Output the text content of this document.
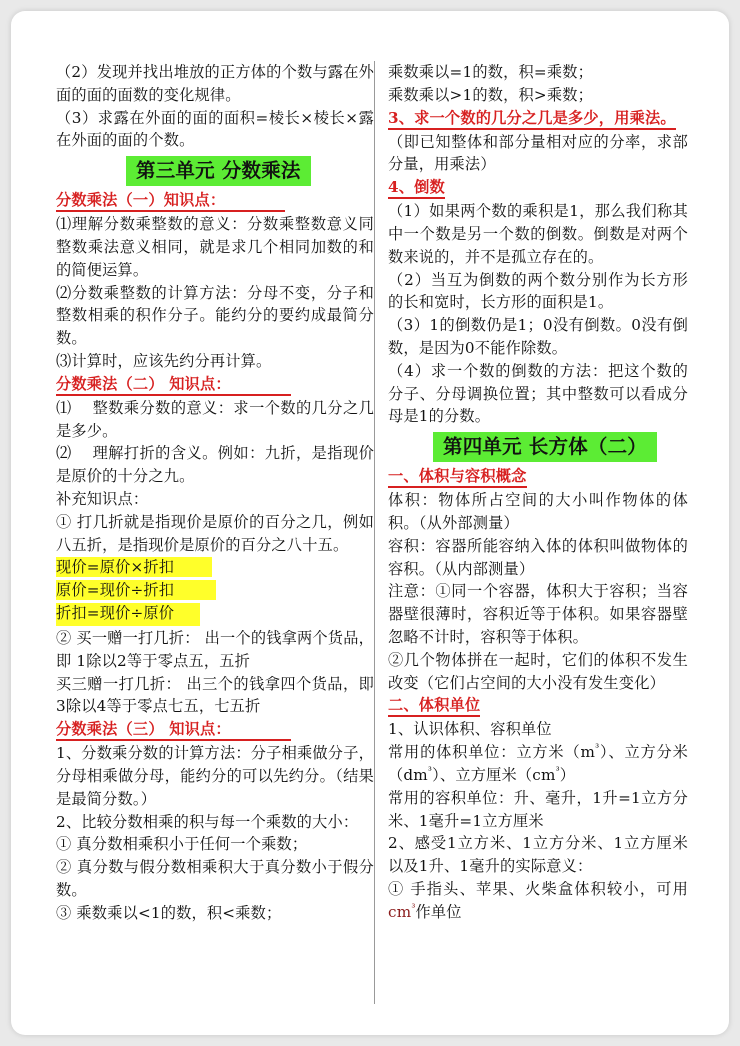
（2）发现并找出堆放的正方体的个数与露在外面的面的面数的变化规律。
（3）求露在外面的面的面积=棱长×棱长×露在外面的面的个数。
第三单元 分数乘法
分数乘法（一）知识点：
⑴理解分数乘整数的意义：分数乘整数意义同整数乘法意义相同，就是求几个相同加数的和的简便运算。
⑵分数乘整数的计算方法：分母不变，分子和整数相乘的积作分子。能约分的要约成最简分数。
⑶计算时，应该先约分再计算。
分数乘法（二） 知识点：
⑴　 整数乘分数的意义：求一个数的几分之几是多少。
⑵　 理解打折的含义。例如：九折，是指现价是原价的十分之九。
补充知识点：
① 打几折就是指现价是原价的百分之几，例如八五折，是指现价是原价的百分之八十五。
现价=原价×折扣
原价=现价÷折扣
折扣=现价÷原价
② 买一赠一打几折： 出一个的钱拿两个货品，即 1除以2等于零点五，五折
买三赠一打几折： 出三个的钱拿四个货品，即 3除以4等于零点七五，七五折
分数乘法（三） 知识点：
1、分数乘分数的计算方法：分子相乘做分子，分母相乘做分母，能约分的可以先约分。（结果是最简分数。）
2、比较分数相乘的积与每一个乘数的大小：
① 真分数相乘积小于任何一个乘数；
② 真分数与假分数相乘积大于真分数小于假分数。
③ 乘数乘以<1的数，积<乘数；
乘数乘以=1的数，积=乘数；
乘数乘以>1的数，积>乘数；
3、求一个数的几分之几是多少，用乘法。（即已知整体和部分量相对应的分率，求部分量，用乘法）
4、倒数
（1）如果两个数的乘积是1，那么我们称其中一个数是另一个数的倒数。倒数是对两个数来说的，并不是孤立存在的。
（2）当互为倒数的两个数分别作为长方形的长和宽时，长方形的面积是1。
（3）1的倒数仍是1；0没有倒数。0没有倒数，是因为0不能作除数。
（4）求一个数的倒数的方法：把这个数的分子、分母调换位置；其中整数可以看成分母是1的分数。
第四单元 长方体（二）
一、体积与容积概念
体积：物体所占空间的大小叫作物体的体积。（从外部测量）
容积：容器所能容纳入体的体积叫做物体的容积。（从内部测量）
注意：①同一个容器，体积大于容积；当容器壁很薄时，容积近等于体积。如果容器壁忽略不计时，容积等于体积。
②几个物体拼在一起时，它们的体积不发生改变（它们占空间的大小没有发生变化）
二、体积单位
1、认识体积、容积单位
常用的体积单位：立方米$(m^{^3})$、立方分米$(dm^{^3})$、立方厘米$(cm^{^3})$
常用的容积单位：升、毫升，1升=1立方分米、1毫升=1立方厘米
2、感受1立方米、1立方分米、1立方厘米以及1升、1毫升的实际意义：
① 手指头、苹果、火柴盒体积较小，可用 $cm^{^3}$作单位
